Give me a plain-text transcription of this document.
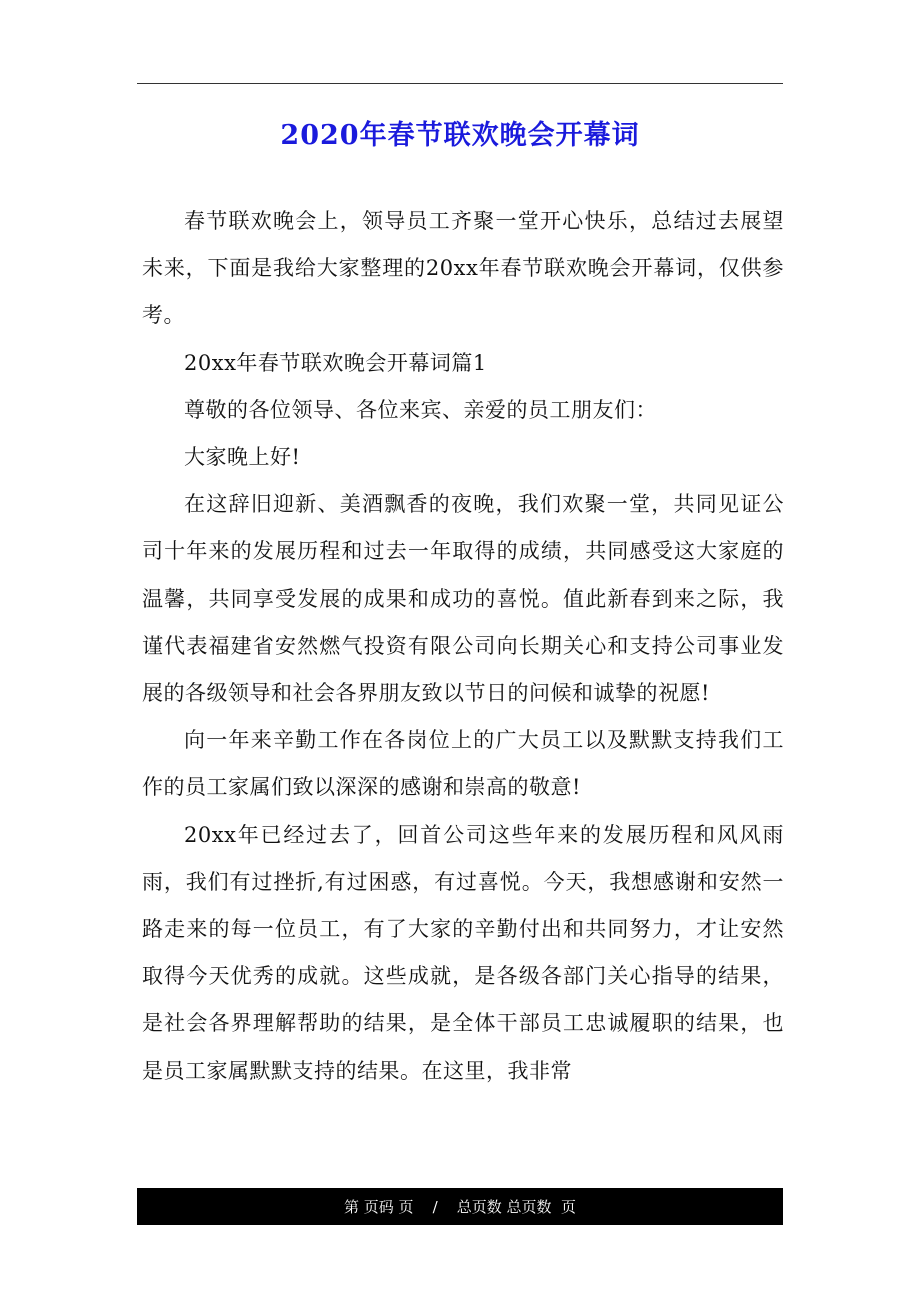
2020年春节联欢晚会开幕词

春节联欢晚会上，领导员工齐聚一堂开心快乐，总结过去展望未来，下面是我给大家整理的20xx年春节联欢晚会开幕词，仅供参考。

20xx年春节联欢晚会开幕词篇1

尊敬的各位领导、各位来宾、亲爱的员工朋友们：

大家晚上好!

在这辞旧迎新、美酒飘香的夜晚，我们欢聚一堂，共同见证公司十年来的发展历程和过去一年取得的成绩，共同感受这大家庭的温馨，共同享受发展的成果和成功的喜悦。值此新春到来之际，我谨代表福建省安然燃气投资有限公司向长期关心和支持公司事业发展的各级领导和社会各界朋友致以节日的问候和诚挚的祝愿!

向一年来辛勤工作在各岗位上的广大员工以及默默支持我们工作的员工家属们致以深深的感谢和崇高的敬意!

20xx年已经过去了，回首公司这些年来的发展历程和风风雨雨，我们有过挫折,有过困惑，有过喜悦。今天，我想感谢和安然一路走来的每一位员工，有了大家的辛勤付出和共同努力，才让安然取得今天优秀的成就。这些成就，是各级各部门关心指导的结果，是社会各界理解帮助的结果，是全体干部员工忠诚履职的结果，也是员工家属默默支持的结果。在这里，我非常

第 页码 页    /    总页数 总页数  页
